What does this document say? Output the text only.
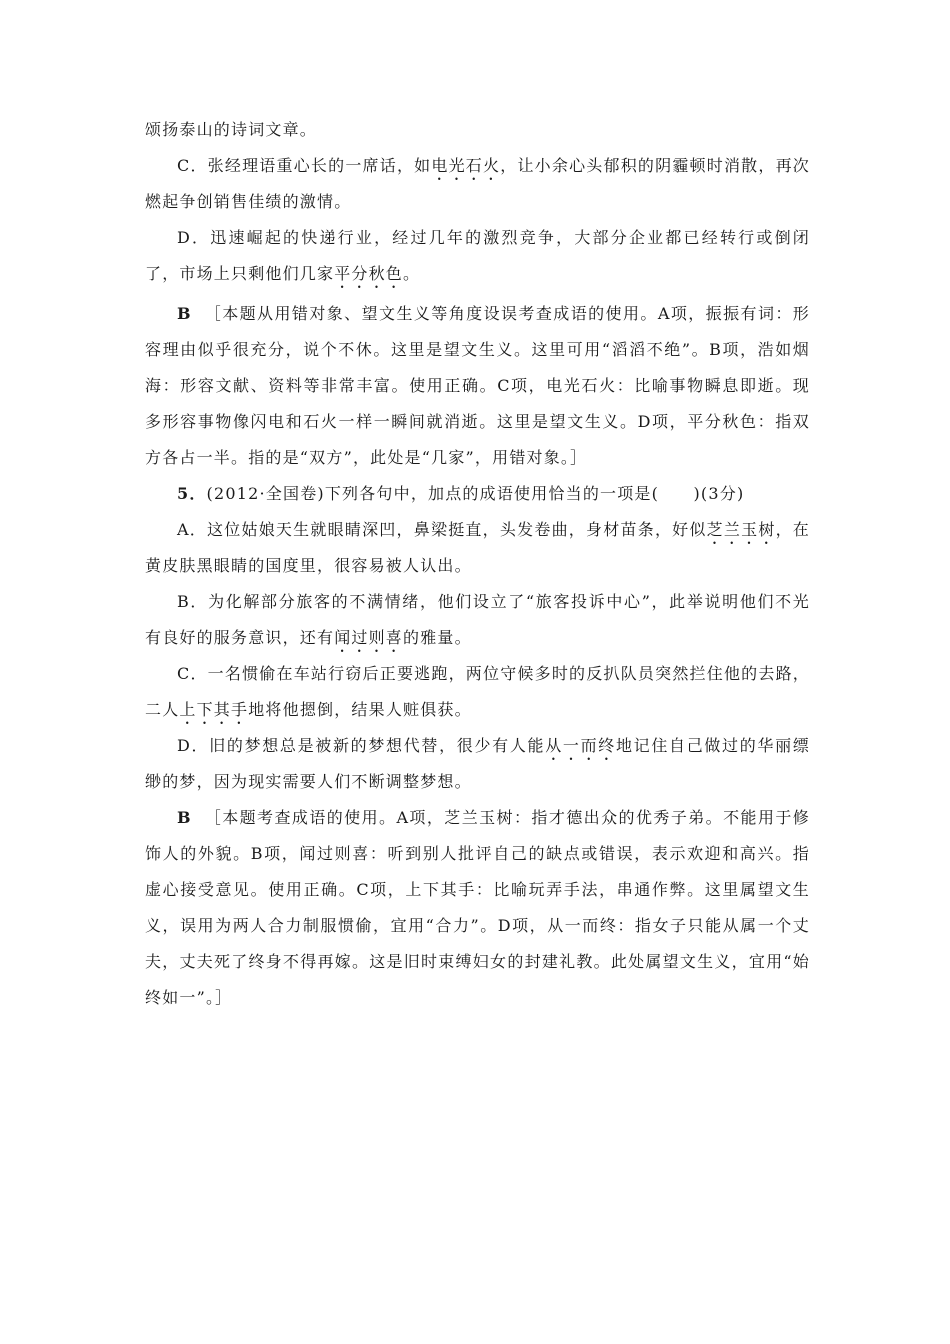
颂扬泰山的诗词文章。

C．张经理语重心长的一席话，如电光石火，让小余心头郁积的阴霾顿时消散，再次燃起争创销售佳绩的激情。

D．迅速崛起的快递行业，经过几年的激烈竞争，大部分企业都已经转行或倒闭了，市场上只剩他们几家平分秋色。

B ［本题从用错对象、望文生义等角度设误考查成语的使用。A项，振振有词：形容理由似乎很充分，说个不休。这里是望文生义。这里可用“滔滔不绝”。B项，浩如烟海：形容文献、资料等非常丰富。使用正确。C项，电光石火：比喻事物瞬息即逝。现多形容事物像闪电和石火一样一瞬间就消逝。这里是望文生义。D项，平分秋色：指双方各占一半。指的是“双方”，此处是“几家”，用错对象。］

5．(2012·全国卷)下列各句中，加点的成语使用恰当的一项是(　　)(3分)

A．这位姑娘天生就眼睛深凹，鼻梁挺直，头发卷曲，身材苗条，好似芝兰玉树，在黄皮肤黑眼睛的国度里，很容易被人认出。

B．为化解部分旅客的不满情绪，他们设立了“旅客投诉中心”，此举说明他们不光有良好的服务意识，还有闻过则喜的雅量。

C．一名惯偷在车站行窃后正要逃跑，两位守候多时的反扒队员突然拦住他的去路，二人上下其手地将他摁倒，结果人赃俱获。

D．旧的梦想总是被新的梦想代替，很少有人能从一而终地记住自己做过的华丽缥缈的梦，因为现实需要人们不断调整梦想。

B ［本题考查成语的使用。A项，芝兰玉树：指才德出众的优秀子弟。不能用于修饰人的外貌。B项，闻过则喜：听到别人批评自己的缺点或错误，表示欢迎和高兴。指虚心接受意见。使用正确。C项，上下其手：比喻玩弄手法，串通作弊。这里属望文生义，误用为两人合力制服惯偷，宜用“合力”。D项，从一而终：指女子只能从属一个丈夫，丈夫死了终身不得再嫁。这是旧时束缚妇女的封建礼教。此处属望文生义，宜用“始终如一”。］
